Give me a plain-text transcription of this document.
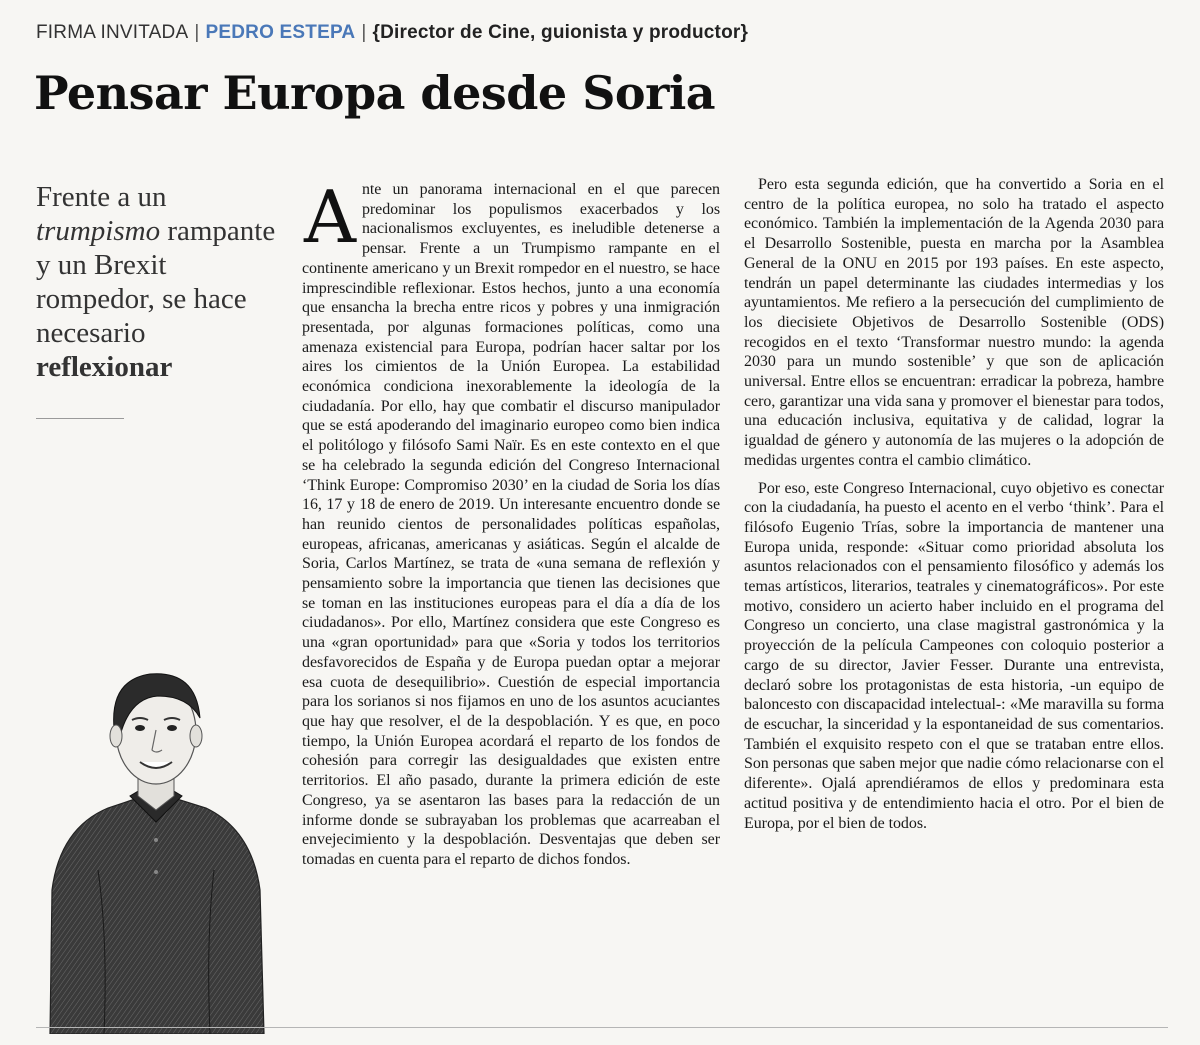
FIRMA INVITADA | PEDRO ESTEPA | {Director de Cine, guionista y productor}
Pensar Europa desde Soria
Frente a un trumpismo rampante y un Brexit rompedor, se hace necesario reflexionar

Ante un panorama internacional en el que parecen predominar los populismos exacerbados y los nacionalismos excluyentes, es ineludible detenerse a pensar. Frente a un Trumpismo rampante en el continente americano y un Brexit rompedor en el nuestro, se hace imprescindible reflexionar. Estos hechos, junto a una economía que ensancha la brecha entre ricos y pobres y una inmigración presentada, por algunas formaciones políticas, como una amenaza existencial para Europa, podrían hacer saltar por los aires los cimientos de la Unión Europea. La estabilidad económica condiciona inexorablemente la ideología de la ciudadanía. Por ello, hay que combatir el discurso manipulador que se está apoderando del imaginario europeo como bien indica el politólogo y filósofo Sami Naïr. Es en este contexto en el que se ha celebrado la segunda edición del Congreso Internacional ‘Think Europe: Compromiso 2030’ en la ciudad de Soria los días 16, 17 y 18 de enero de 2019. Un interesante encuentro donde se han reunido cientos de personalidades políticas españolas, europeas, africanas, americanas y asiáticas. Según el alcalde de Soria, Carlos Martínez, se trata de «una semana de reflexión y pensamiento sobre la importancia que tienen las decisiones que se toman en las instituciones europeas para el día a día de los ciudadanos». Por ello, Martínez considera que este Congreso es una «gran oportunidad» para que «Soria y todos los territorios desfavorecidos de España y de Europa puedan optar a mejorar esa cuota de desequilibrio». Cuestión de especial importancia para los sorianos si nos fijamos en uno de los asuntos acuciantes que hay que resolver, el de la despoblación. Y es que, en poco tiempo, la Unión Europea acordará el reparto de los fondos de cohesión para corregir las desigualdades que existen entre territorios. El año pasado, durante la primera edición de este Congreso, ya se asentaron las bases para la redacción de un informe donde se subrayaban los problemas que acarreaban el envejecimiento y la despoblación. Desventajas que deben ser tomadas en cuenta para el reparto de dichos fondos.

Pero esta segunda edición, que ha convertido a Soria en el centro de la política europea, no solo ha tratado el aspecto económico. También la implementación de la Agenda 2030 para el Desarrollo Sostenible, puesta en marcha por la Asamblea General de la ONU en 2015 por 193 países. En este aspecto, tendrán un papel determinante las ciudades intermedias y los ayuntamientos. Me refiero a la persecución del cumplimiento de los diecisiete Objetivos de Desarrollo Sostenible (ODS) recogidos en el texto ‘Transformar nuestro mundo: la agenda 2030 para un mundo sostenible’ y que son de aplicación universal. Entre ellos se encuentran: erradicar la pobreza, hambre cero, garantizar una vida sana y promover el bienestar para todos, una educación inclusiva, equitativa y de calidad, lograr la igualdad de género y autonomía de las mujeres o la adopción de medidas urgentes contra el cambio climático.

Por eso, este Congreso Internacional, cuyo objetivo es conectar con la ciudadanía, ha puesto el acento en el verbo ‘think’. Para el filósofo Eugenio Trías, sobre la importancia de mantener una Europa unida, responde: «Situar como prioridad absoluta los asuntos relacionados con el pensamiento filosófico y además los temas artísticos, literarios, teatrales y cinematográficos». Por este motivo, considero un acierto haber incluido en el programa del Congreso un concierto, una clase magistral gastronómica y la proyección de la película Campeones con coloquio posterior a cargo de su director, Javier Fesser. Durante una entrevista, declaró sobre los protagonistas de esta historia, -un equipo de baloncesto con discapacidad intelectual-: «Me maravilla su forma de escuchar, la sinceridad y la espontaneidad de sus comentarios. También el exquisito respeto con el que se trataban entre ellos. Son personas que saben mejor que nadie cómo relacionarse con el diferente». Ojalá aprendiéramos de ellos y predominara esta actitud positiva y de entendimiento hacia el otro. Por el bien de Europa, por el bien de todos.
